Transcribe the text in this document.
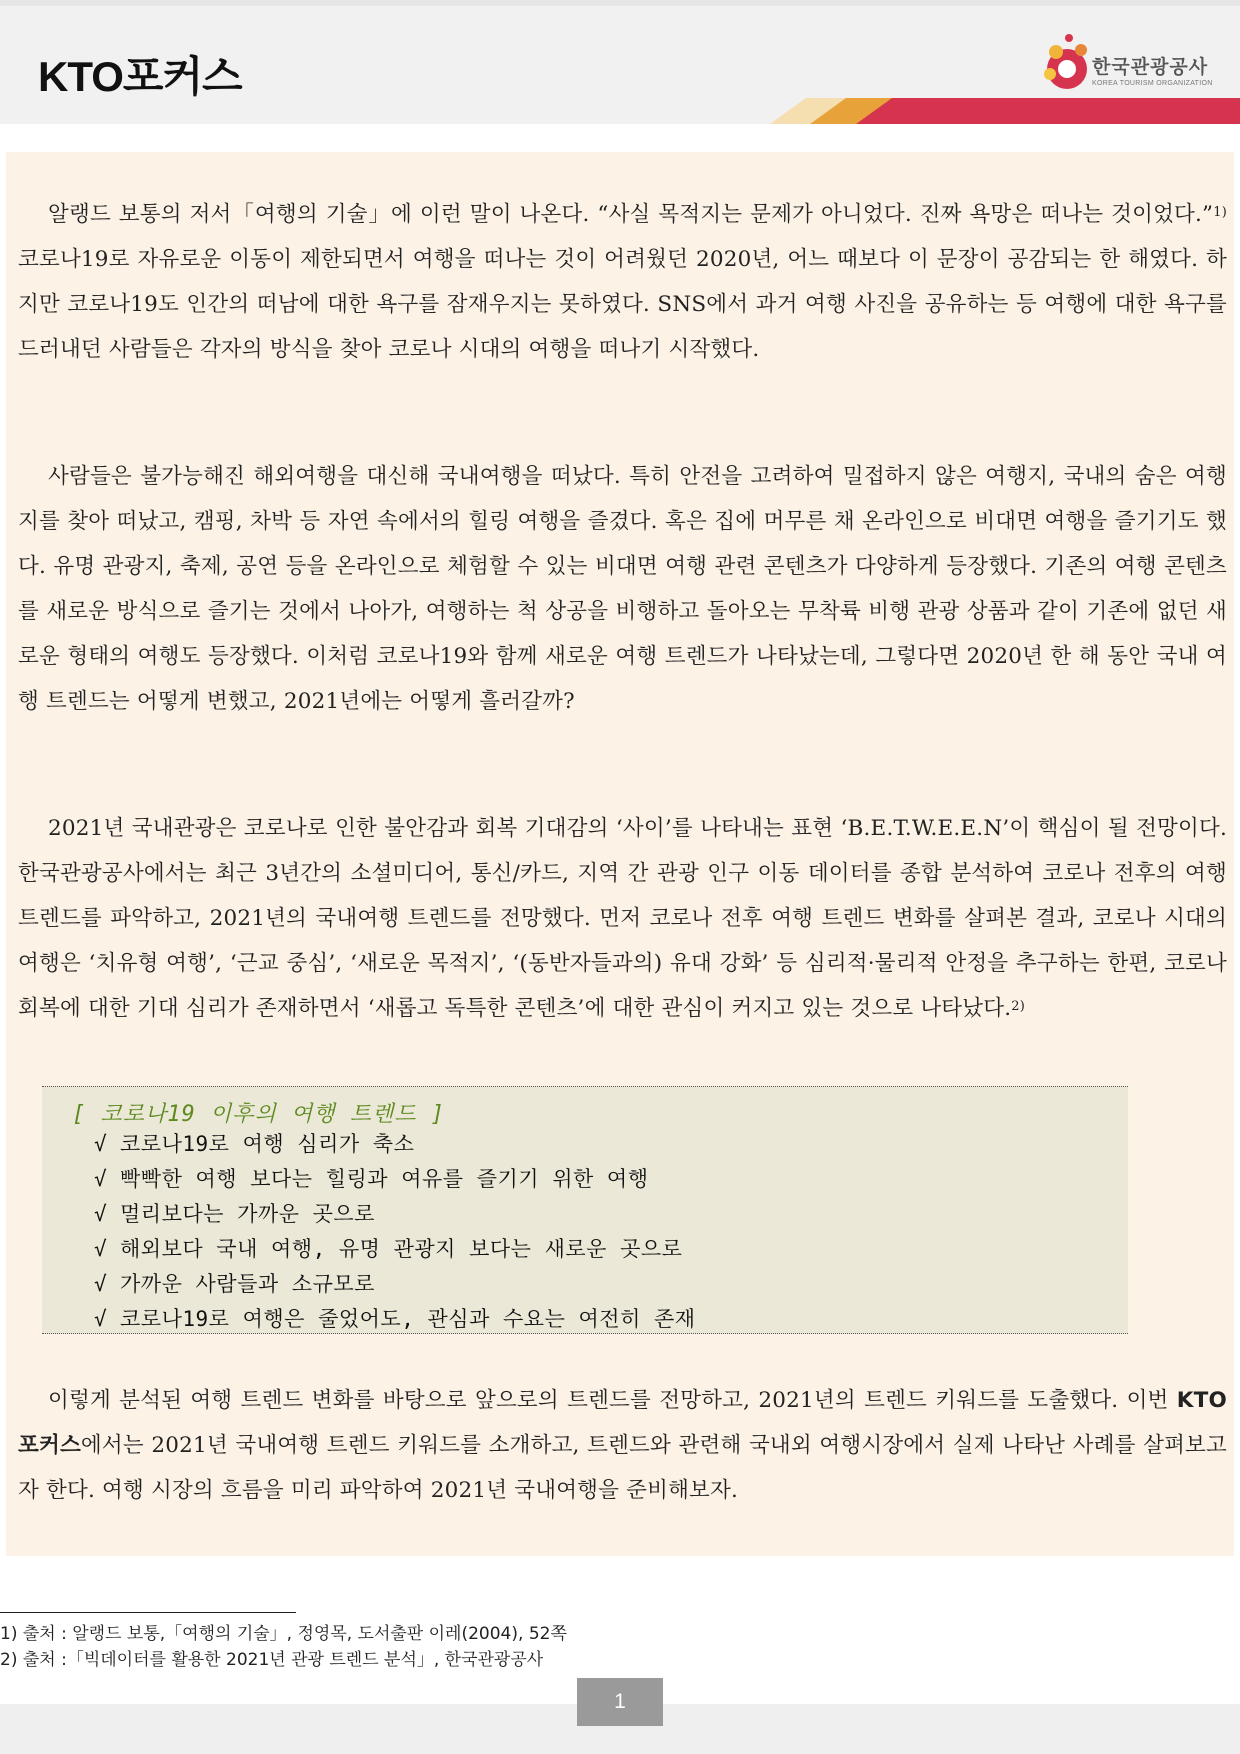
KTO포커스	한국관광공사
KOREA TOURISM ORGANIZATION

알랭드 보통의 저서「여행의 기술」에 이런 말이 나온다. “사실 목적지는 문제가 아니었다. 진짜 욕망은 떠나는 것이었다.”$^{1)}$ 코로나19로 자유로운 이동이 제한되면서 여행을 떠나는 것이 어려웠던 2020년, 어느 때보다 이 문장이 공감되는 한 해였다. 하지만 코로나19도 인간의 떠남에 대한 욕구를 잠재우지는 못하였다. SNS에서 과거 여행 사진을 공유하는 등 여행에 대한 욕구를 드러내던 사람들은 각자의 방식을 찾아 코로나 시대의 여행을 떠나기 시작했다.

사람들은 불가능해진 해외여행을 대신해 국내여행을 떠났다. 특히 안전을 고려하여 밀접하지 않은 여행지, 국내의 숨은 여행지를 찾아 떠났고, 캠핑, 차박 등 자연 속에서의 힐링 여행을 즐겼다. 혹은 집에 머무른 채 온라인으로 비대면 여행을 즐기기도 했다. 유명 관광지, 축제, 공연 등을 온라인으로 체험할 수 있는 비대면 여행 관련 콘텐츠가 다양하게 등장했다. 기존의 여행 콘텐츠를 새로운 방식으로 즐기는 것에서 나아가, 여행하는 척 상공을 비행하고 돌아오는 무착륙 비행 관광 상품과 같이 기존에 없던 새로운 형태의 여행도 등장했다. 이처럼 코로나19와 함께 새로운 여행 트렌드가 나타났는데, 그렇다면 2020년 한 해 동안 국내 여행 트렌드는 어떻게 변했고, 2021년에는 어떻게 흘러갈까?

2021년 국내관광은 코로나로 인한 불안감과 회복 기대감의 ‘사이’를 나타내는 표현 ‘B.E.T.W.E.E.N’이 핵심이 될 전망이다. 한국관광공사에서는 최근 3년간의 소셜미디어, 통신/카드, 지역 간 관광 인구 이동 데이터를 종합 분석하여 코로나 전후의 여행 트렌드를 파악하고, 2021년의 국내여행 트렌드를 전망했다. 먼저 코로나 전후 여행 트렌드 변화를 살펴본 결과, 코로나 시대의 여행은 ‘치유형 여행’, ‘근교 중심’, ‘새로운 목적지’, ‘(동반자들과의) 유대 강화’ 등 심리적·물리적 안정을 추구하는 한편, 코로나 회복에 대한 기대 심리가 존재하면서 ‘새롭고 독특한 콘텐츠’에 대한 관심이 커지고 있는 것으로 나타났다.$^{2)}$

[ 코로나19 이후의 여행 트렌드 ]
√ 코로나19로 여행 심리가 축소
√ 빡빡한 여행 보다는 힐링과 여유를 즐기기 위한 여행
√ 멀리보다는 가까운 곳으로
√ 해외보다 국내 여행, 유명 관광지 보다는 새로운 곳으로
√ 가까운 사람들과 소규모로
√ 코로나19로 여행은 줄었어도, 관심과 수요는 여전히 존재

이렇게 분석된 여행 트렌드 변화를 바탕으로 앞으로의 트렌드를 전망하고, 2021년의 트렌드 키워드를 도출했다. 이번 KTO포커스에서는 2021년 국내여행 트렌드 키워드를 소개하고, 트렌드와 관련해 국내외 여행시장에서 실제 나타난 사례를 살펴보고자 한다. 여행 시장의 흐름을 미리 파악하여 2021년 국내여행을 준비해보자.

1) 출처 : 알랭드 보통,「여행의 기술」, 정영목, 도서출판 이레(2004), 52쪽
2) 출처 :「빅데이터를 활용한 2021년 관광 트렌드 분석」, 한국관광공사
1
